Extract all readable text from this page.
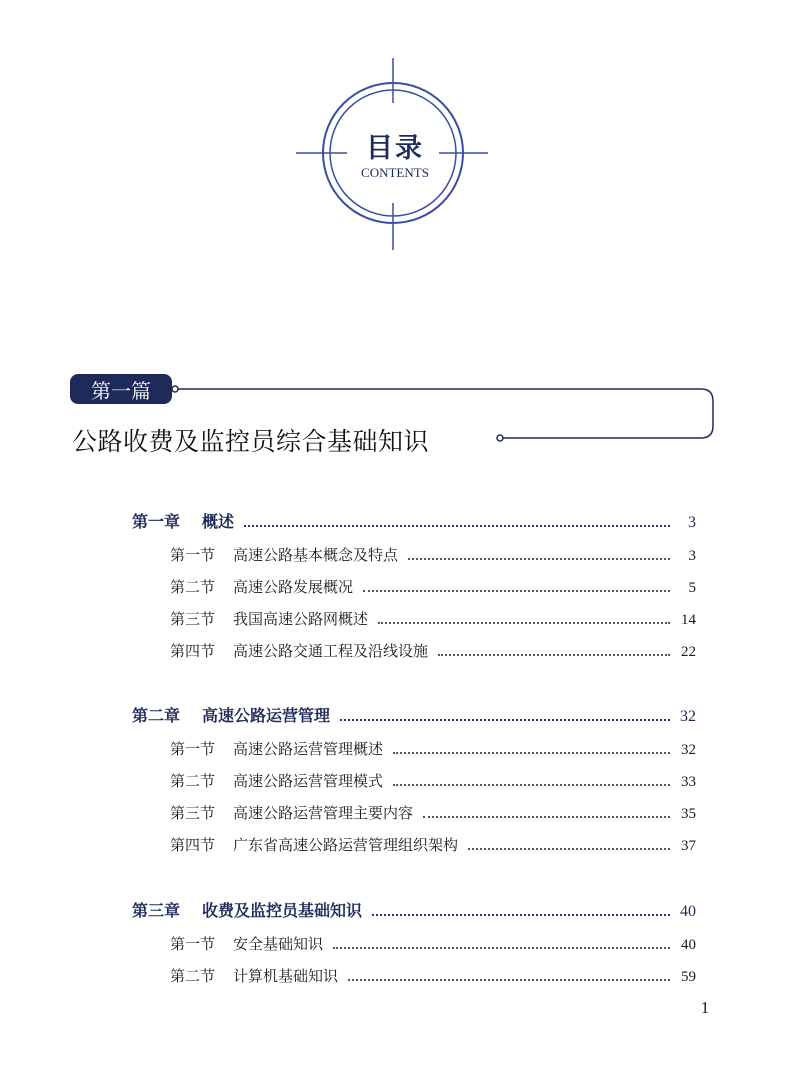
目录
CONTENTS
第一篇
公路收费及监控员综合基础知识
第一章 概述	3
第一节 高速公路基本概念及特点	3
第二节 高速公路发展概况	5
第三节 我国高速公路网概述	14
第四节 高速公路交通工程及沿线设施	22
第二章 高速公路运营管理	32
第一节 高速公路运营管理概述	32
第二节 高速公路运营管理模式	33
第三节 高速公路运营管理主要内容	35
第四节 广东省高速公路运营管理组织架构	37
第三章 收费及监控员基础知识	40
第一节 安全基础知识	40
第二节 计算机基础知识	59
1
